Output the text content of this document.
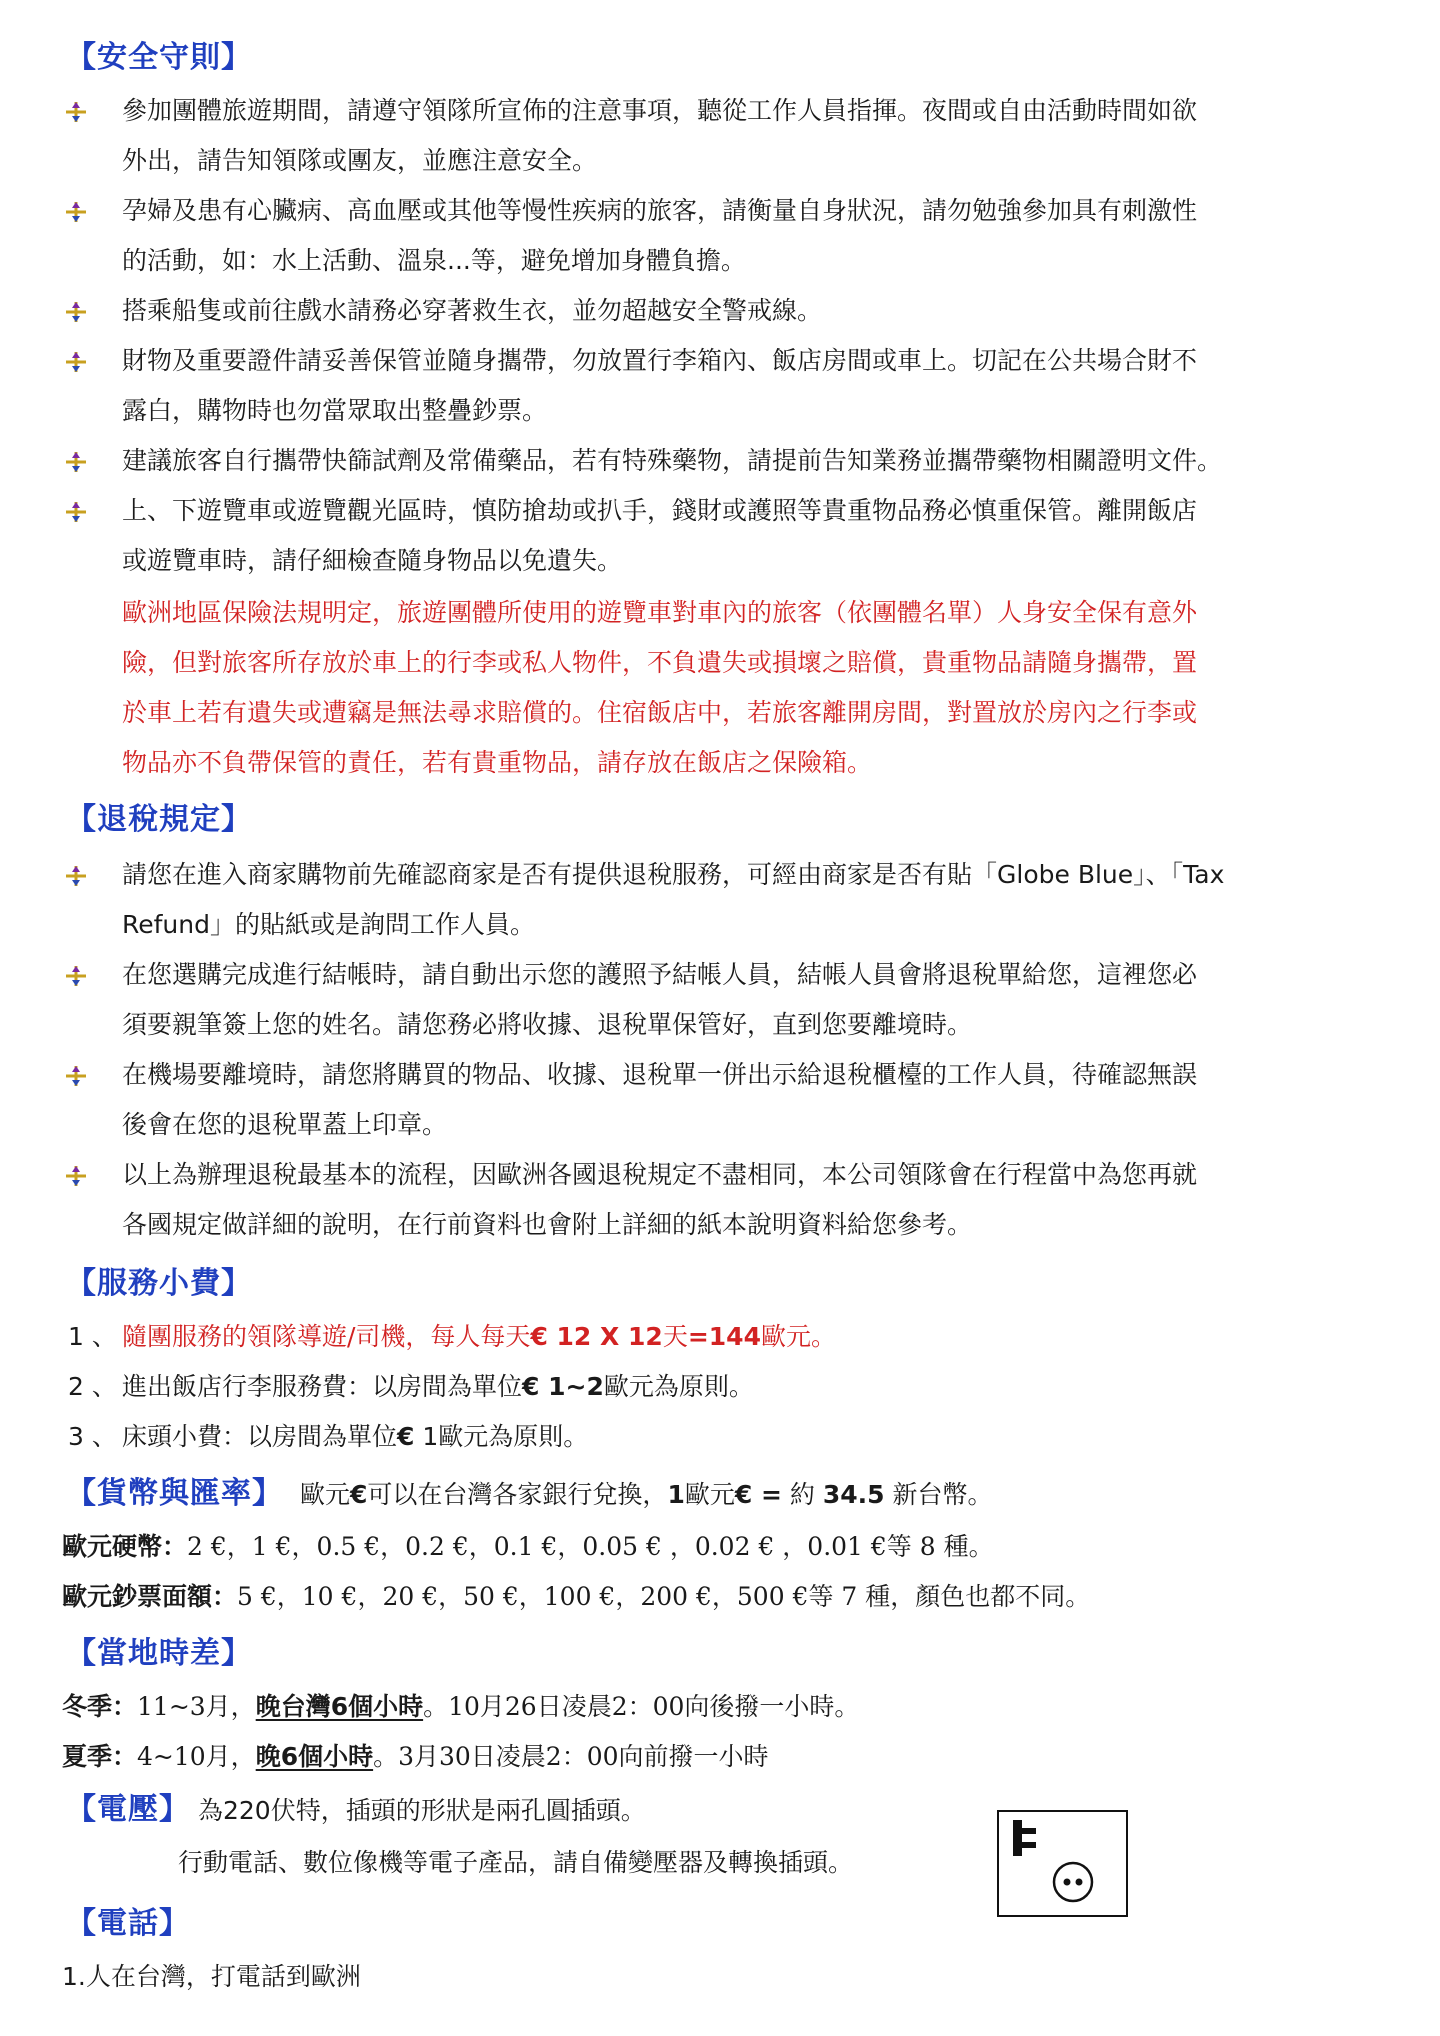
【安全守則】
參加團體旅遊期間，請遵守領隊所宣佈的注意事項，聽從工作人員指揮。夜間或自由活動時間如欲
外出，請告知領隊或團友，並應注意安全。
孕婦及患有心臟病、高血壓或其他等慢性疾病的旅客，請衡量自身狀況，請勿勉強參加具有刺激性
的活動，如：水上活動、溫泉...等，避免增加身體負擔。
搭乘船隻或前往戲水請務必穿著救生衣，並勿超越安全警戒線。
財物及重要證件請妥善保管並隨身攜帶，勿放置行李箱內、飯店房間或車上。切記在公共場合財不
露白，購物時也勿當眾取出整疊鈔票。
建議旅客自行攜帶快篩試劑及常備藥品，若有特殊藥物，請提前告知業務並攜帶藥物相關證明文件。
上、下遊覽車或遊覽觀光區時，慎防搶劫或扒手，錢財或護照等貴重物品務必慎重保管。離開飯店
或遊覽車時，請仔細檢查隨身物品以免遺失。
歐洲地區保險法規明定，旅遊團體所使用的遊覽車對車內的旅客（依團體名單）人身安全保有意外
險，但對旅客所存放於車上的行李或私人物件，不負遺失或損壞之賠償，貴重物品請隨身攜帶，置
於車上若有遺失或遭竊是無法尋求賠償的。住宿飯店中，若旅客離開房間，對置放於房內之行李或
物品亦不負帶保管的責任，若有貴重物品，請存放在飯店之保險箱。
【退稅規定】
請您在進入商家購物前先確認商家是否有提供退稅服務，可經由商家是否有貼「Globe Blue」、「Tax
Refund」的貼紙或是詢問工作人員。
在您選購完成進行結帳時，請自動出示您的護照予結帳人員，結帳人員會將退稅單給您，這裡您必
須要親筆簽上您的姓名。請您務必將收據、退稅單保管好，直到您要離境時。
在機場要離境時，請您將購買的物品、收據、退稅單一併出示給退稅櫃檯的工作人員，待確認無誤
後會在您的退稅單蓋上印章。
以上為辦理退稅最基本的流程，因歐洲各國退稅規定不盡相同，本公司領隊會在行程當中為您再就
各國規定做詳細的說明，在行前資料也會附上詳細的紙本說明資料給您參考。
【服務小費】
1 、 隨團服務的領隊導遊/司機，每人每天€ 12 X 12天=144歐元。
2 、 進出飯店行李服務費：以房間為單位€ 1~2歐元為原則。
3 、 床頭小費：以房間為單位€ 1歐元為原則。
【貨幣與匯率】 歐元€可以在台灣各家銀行兌換，1歐元€ = 約 34.5 新台幣。
歐元硬幣：2 €，1 €，0.5 €，0.2 €，0.1 €，0.05 € ，0.02 € ，0.01 €等 8 種。
歐元鈔票面額：5 €，10 €，20 €，50 €，100 €，200 €，500 €等 7 種，顏色也都不同。
【當地時差】
冬季：11~3月，晚台灣6個小時。10月26日凌晨2：00向後撥一小時。
夏季：4~10月，晚6個小時。3月30日凌晨2：00向前撥一小時
【電壓】 為220伏特，插頭的形狀是兩孔圓插頭。
行動電話、數位像機等電子產品，請自備變壓器及轉換插頭。
【電話】
1.人在台灣，打電話到歐洲
